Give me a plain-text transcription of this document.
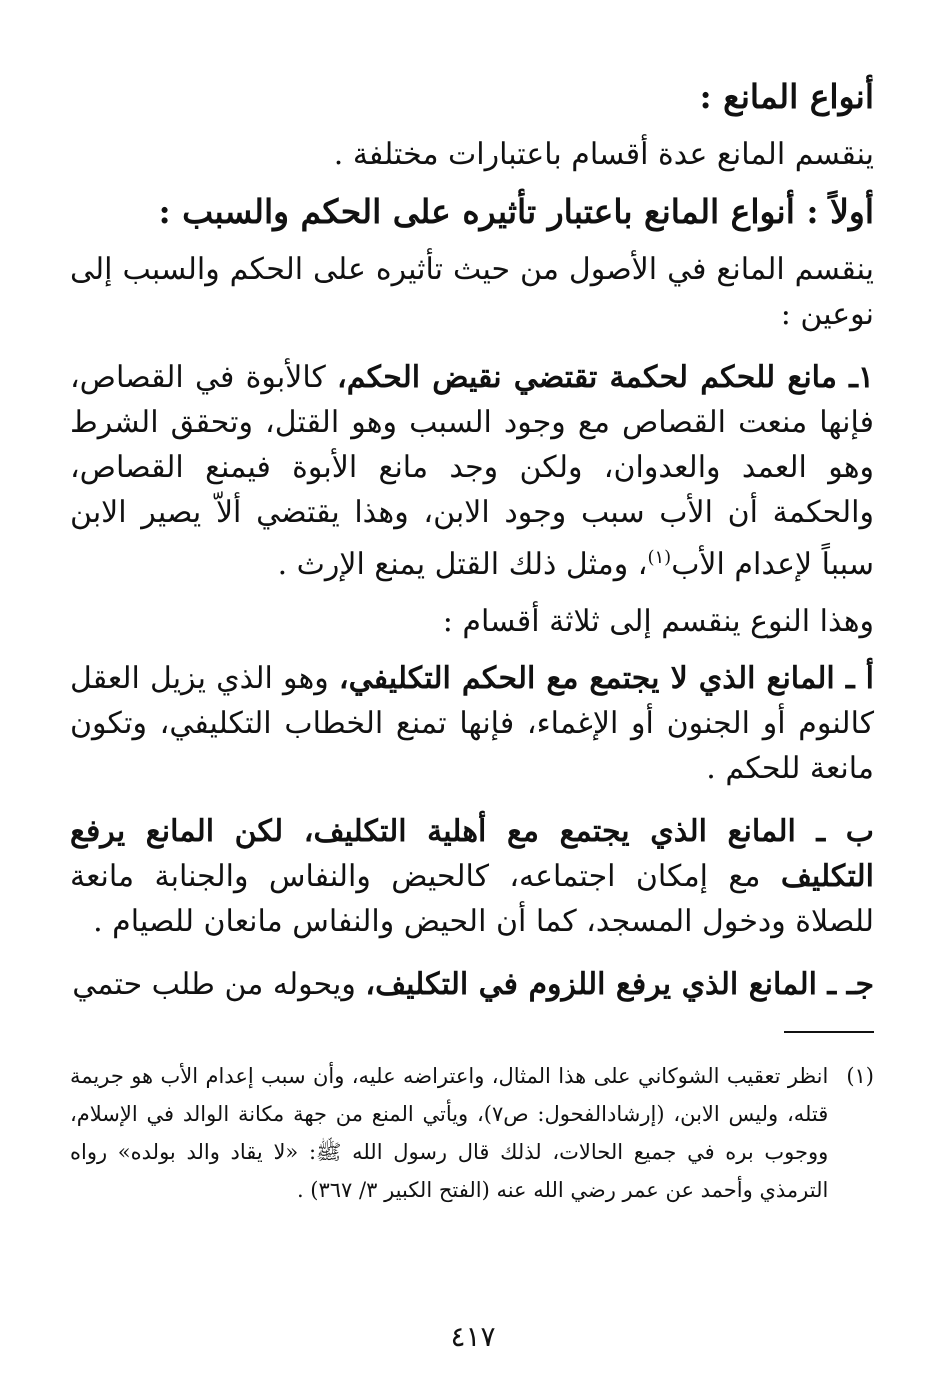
أنواع المانع :

ينقسم المانع عدة أقسام باعتبارات مختلفة .

أولاً : أنواع المانع باعتبار تأثيره على الحكم والسبب :

ينقسم المانع في الأصول من حيث تأثيره على الحكم والسبب إلى نوعين :

١ـ مانع للحكم لحكمة تقتضي نقيض الحكم، كالأبوة في القصاص، فإنها منعت القصاص مع وجود السبب وهو القتل، وتحقق الشرط وهو العمد والعدوان، ولكن وجد مانع الأبوة فيمنع القصاص، والحكمة أن الأب سبب وجود الابن، وهذا يقتضي ألاّ يصير الابن سبباً لإعدام الأب$^{(١)}$، ومثل ذلك القتل يمنع الإرث .

وهذا النوع ينقسم إلى ثلاثة أقسام :

أ ـ المانع الذي لا يجتمع مع الحكم التكليفي، وهو الذي يزيل العقل كالنوم أو الجنون أو الإغماء، فإنها تمنع الخطاب التكليفي، وتكون مانعة للحكم .

ب ـ المانع الذي يجتمع مع أهلية التكليف، لكن المانع يرفع التكليف مع إمكان اجتماعه، كالحيض والنفاس والجنابة مانعة للصلاة ودخول المسجد، كما أن الحيض والنفاس مانعان للصيام .

جـ ـ المانع الذي يرفع اللزوم في التكليف، ويحوله من طلب حتمي

(١)
انظر تعقيب الشوكاني على هذا المثال، واعتراضه عليه، وأن سبب إعدام الأب هو جريمة قتله، وليس الابن، (إرشادالفحول: ص٧)، ويأتي المنع من جهة مكانة الوالد في الإسلام، ووجوب بره في جميع الحالات، لذلك قال رسول الله ﷺ: «لا يقاد والد بولده» رواه الترمذي وأحمد عن عمر رضي الله عنه (الفتح الكبير ٣/ ٣٦٧) .
٤١٧
